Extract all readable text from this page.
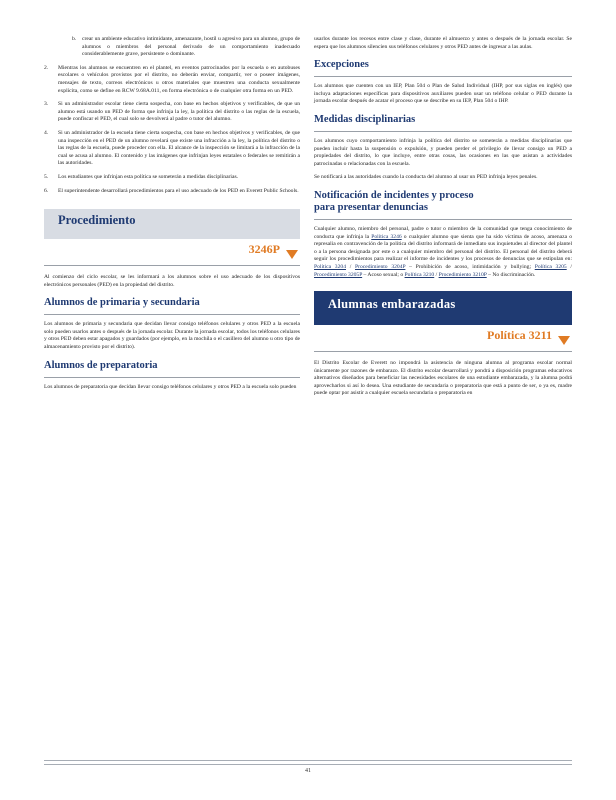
b.	crear un ambiente educativo intimidante, amenazante, hostil u agresivo para un alumno, grupo de alumnos o miembros del personal derivado de un comportamiento inadecuado considerablemente grave, persistente o dominante.
2.	Mientras los alumnos se encuentren en el plantel, en eventos patrocinados por la escuela o en autobuses escolares o vehículos provistos por el distrito, no deberán enviar, compartir, ver o poseer imágenes, mensajes de texto, correos electrónicos u otros materiales que muestren una conducta sexualmente explícita, como se define en RCW 9.68A.011, en forma electrónica o de cualquier otra forma en un PED.
3.	Si un administrador escolar tiene cierta sospecha, con base en hechos objetivos y verificables, de que un alumno está usando un PED de forma que infrinja la ley, la política del distrito o las reglas de la escuela, puede confiscar el PED, el cual solo se devolverá al padre o tutor del alumno.
4.	Si un administrador de la escuela tiene cierta sospecha, con base en hechos objetivos y verificables, de que una inspección en el PED de un alumno revelará que existe una infracción a la ley, la política del distrito o las reglas de la escuela, puede proceder con ella. El alcance de la inspección se limitará a la infracción de la cual se acusa al alumno. El contenido y las imágenes que infrinjan leyes estatales o federales se remitirán a las autoridades.
5.	Los estudiantes que infrinjan esta política se someterán a medidas disciplinarias.
6.	El superintendente desarrollará procedimientos para el uso adecuado de los PED en Everett Public Schools.
Procedimiento
3246P

Al comienzo del ciclo escolar, se les informará a los alumnos sobre el uso adecuado de los dispositivos electrónicos personales (PED) en la propiedad del distrito.

Alumnos de primaria y secundaria

Los alumnos de primaria y secundaria que decidan llevar consigo teléfonos celulares y otros PED a la escuela solo pueden usarlos antes o después de la jornada escolar. Durante la jornada escolar, todos los teléfonos celulares y otros PED deben estar apagados y guardados (por ejemplo, en la mochila o el casillero del alumno u otro tipo de almacenamiento provisto por el distrito).

Alumnos de preparatoria

Los alumnos de preparatoria que decidan llevar consigo teléfonos celulares y otros PED a la escuela solo pueden

usarlos durante los recesos entre clase y clase, durante el almuerzo y antes o después de la jornada escolar. Se espera que los alumnos silencien sus teléfonos celulares y otros PED antes de ingresar a las aulas.

Excepciones

Los alumnos que cuenten con un IEP, Plan 504 o Plan de Salud Individual (IHP, por sus siglas en inglés) que incluya adaptaciones específicas para dispositivos auxiliares pueden usar un teléfono celular o PED durante la jornada escolar después de acatar el proceso que se describe en su IEP, Plan 504 o IHP.

Medidas disciplinarias

Los alumnos cuyo comportamiento infrinja la política del distrito se someterán a medidas disciplinarias que pueden incluir hasta la suspensión o expulsión, y pueden perder el privilegio de llevar consigo un PED a propiedades del distrito, lo que incluye, entre otras cosas, las ocasiones en las que asistan a actividades patrocinadas o relacionadas con la escuela.

Se notificará a las autoridades cuando la conducta del alumno al usar un PED infrinja leyes penales.

Notificación de incidentes y proceso
para presentar denuncias

Cualquier alumno, miembro del personal, padre o tutor o miembro de la comunidad que tenga conocimiento de conducta que infrinja la Política 3246 o cualquier alumno que sienta que ha sido víctima de acoso, amenaza o represalia en contravención de la política del distrito informará de inmediato sus inquietudes al director del plantel o a la persona designada por este o a cualquier miembro del personal del distrito. El personal del distrito deberá seguir los procedimientos para realizar el informe de incidentes y los procesos de denuncias que se estipulan en: Política 3204 / Procedimiento 3204P – Prohibición de acoso, intimidación y bullying; Política 3205 / Procedimiento 3205P – Acoso sexual; o Política 3210 / Procedimiento 3210P – No discriminación.

Alumnas embarazadas
Política 3211

El Distrito Escolar de Everett no impondrá la asistencia de ninguna alumna al programa escolar normal únicamente por razones de embarazo. El distrito escolar desarrollará y pondrá a disposición programas educativos alternativos diseñados para beneficiar las necesidades escolares de una estudiante embarazada, y la alumna podrá aprovecharlos si así lo desea. Una estudiante de secundaria o preparatoria que está a punto de ser, o ya es, madre puede optar por asistir a cualquier escuela secundaria o preparatoria en

41
